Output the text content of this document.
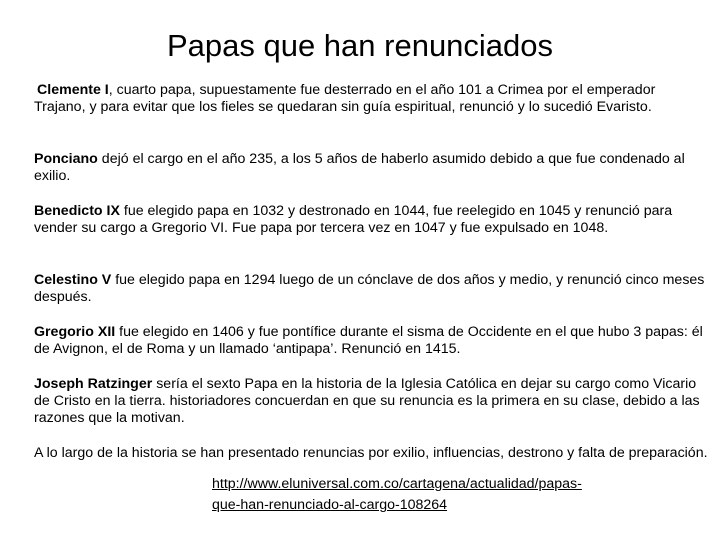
Papas que han renunciados

Clemente I, cuarto papa, supuestamente fue desterrado en el año 101 a Crimea por el emperador Trajano, y para evitar que los fieles se quedaran sin guía espiritual, renunció y lo sucedió Evaristo.

Ponciano dejó el cargo en el año 235, a los 5 años de haberlo asumido debido a que fue condenado al exilio.

Benedicto IX fue elegido papa en 1032 y destronado en 1044, fue reelegido en 1045 y renunció para vender su cargo a Gregorio VI. Fue papa por tercera vez en 1047 y fue expulsado en 1048.

Celestino V fue elegido papa en 1294 luego de un cónclave de dos años y medio, y renunció cinco meses después.

Gregorio XII fue elegido en 1406 y fue pontífice durante el sisma de Occidente en el que hubo 3 papas: él de Avignon, el de Roma y un llamado ‘antipapa’. Renunció en 1415.

Joseph Ratzinger sería el sexto Papa en la historia de la Iglesia Católica en dejar su cargo como Vicario de Cristo en la tierra. historiadores concuerdan en que su renuncia es la primera en su clase, debido a las razones que la motivan.

A lo largo de la historia se han presentado renuncias por exilio, influencias, destrono y falta de preparación.

http://www.eluniversal.com.co/cartagena/actualidad/papas-
que-han-renunciado-al-cargo-108264
